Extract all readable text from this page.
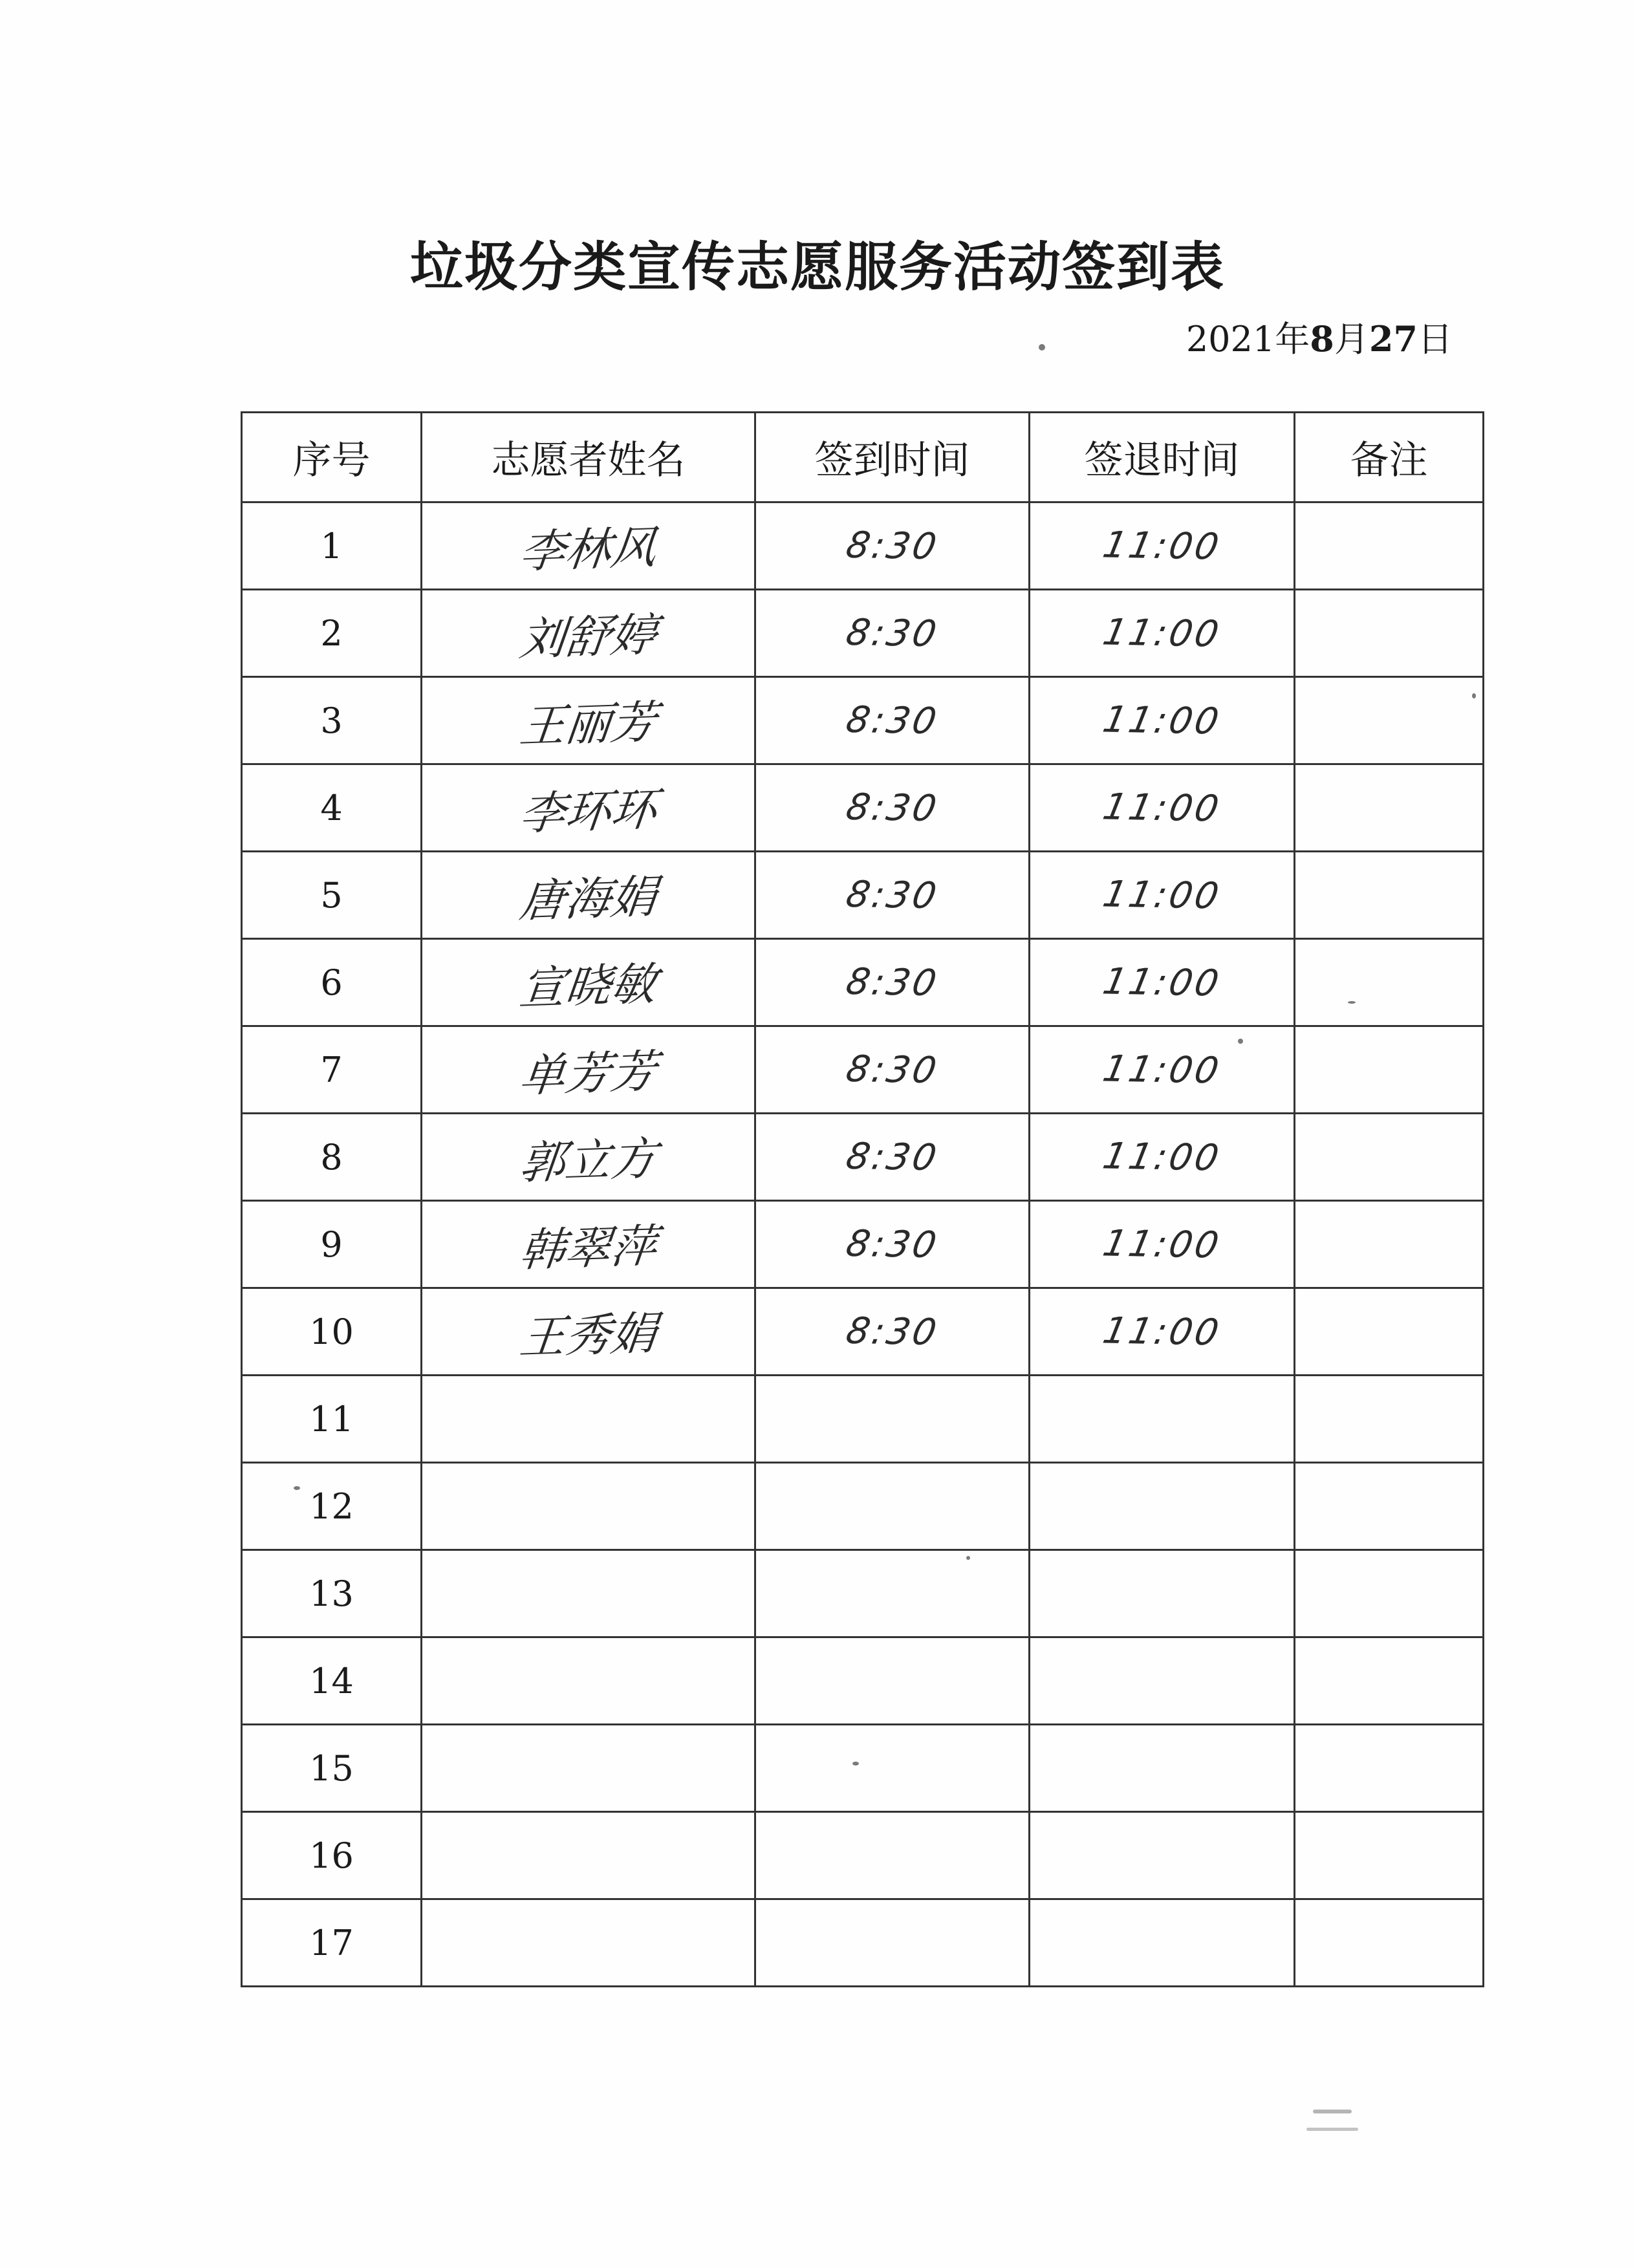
垃圾分类宣传志愿服务活动签到表
2021年8月27日
序号	志愿者姓名	签到时间	签退时间	备注
1	李林风	8:30	11:00	
2	刘舒婷	8:30	11:00	
3	王丽芳	8:30	11:00	
4	李环环	8:30	11:00	
5	唐海娟	8:30	11:00	
6	宣晓敏	8:30	11:00	
7	单芳芳	8:30	11:00	
8	郭立方	8:30	11:00	
9	韩翠萍	8:30	11:00	
10	王秀娟	8:30	11:00	
11				
12				
13				
14				
15				
16				
17				
